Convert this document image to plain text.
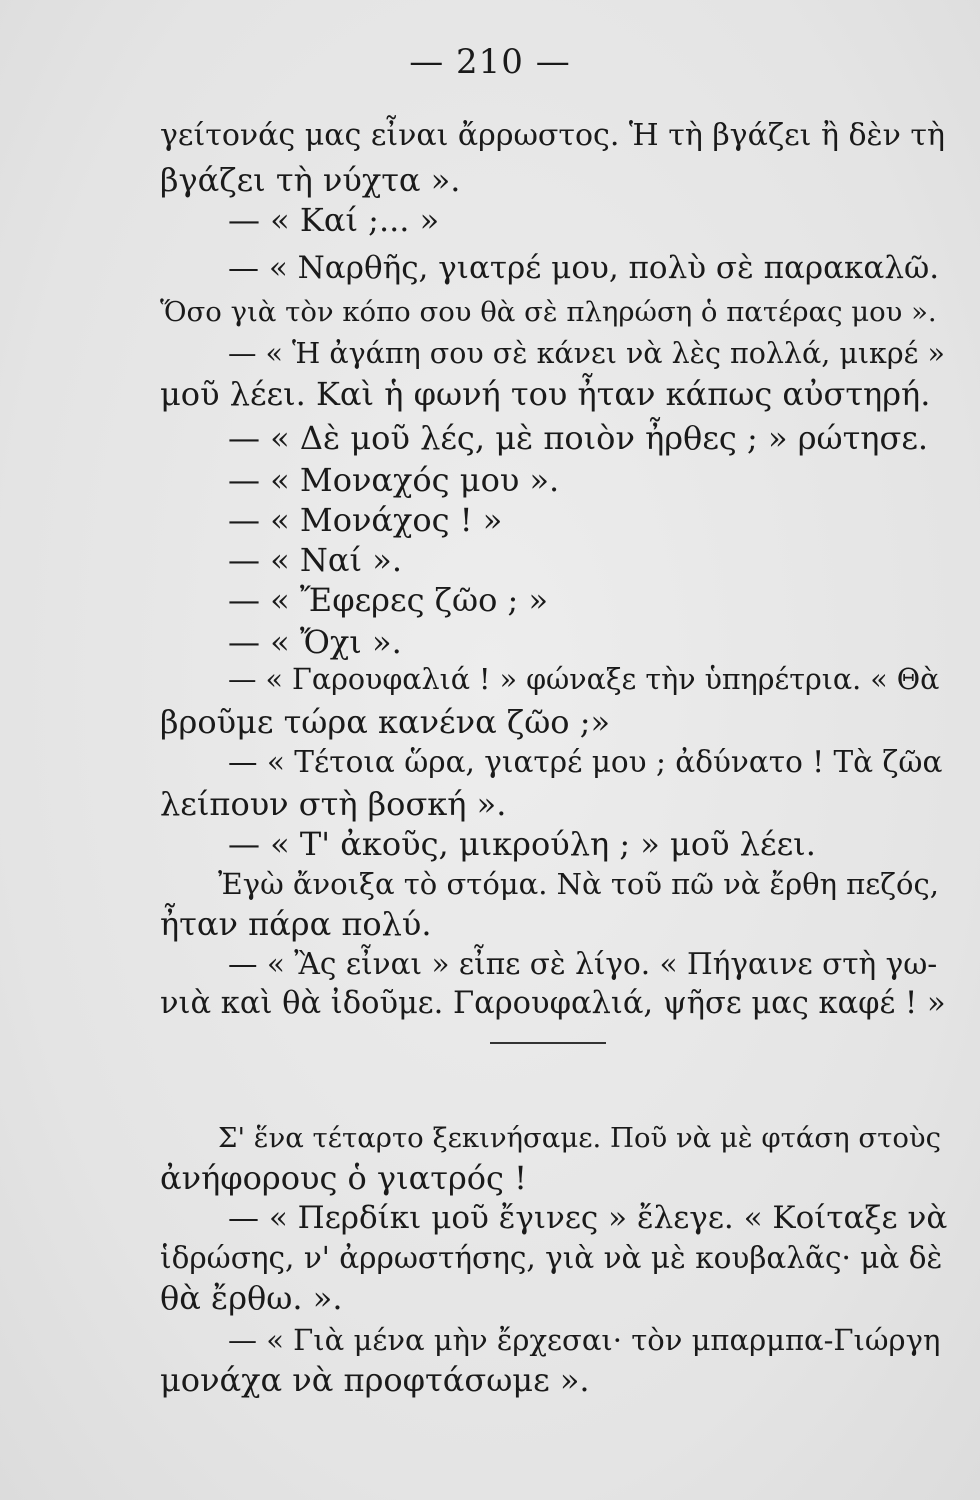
— 210 —
γείτονάς μας εἶναι ἄρρωστος. Ἡ τὴ βγάζει ἢ δὲν τὴ
βγάζει τὴ νύχτα ».
— « Καί ;... »
— « Ναρθῆς, γιατρέ μου, πολὺ σὲ παρακαλῶ.
Ὅσο γιὰ τὸν κόπο σου θὰ σὲ πληρώση ὁ πατέρας μου ».
— « Ἡ ἀγάπη σου σὲ κάνει νὰ λὲς πολλά, μικρέ »
μοῦ λέει. Καὶ ἡ φωνή του ἦταν κάπως αὐστηρή.
— « Δὲ μοῦ λές, μὲ ποιὸν ἦρθες ; » ρώτησε.
— « Μοναχός μου ».
— « Μονάχος ! »
— « Ναί ».
— « Ἔφερες ζῶο ; »
— « Ὄχι ».
— « Γαρουφαλιά ! » φώναξε τὴν ὑπηρέτρια. « Θὰ
βροῦμε τώρα κανένα ζῶο ;»
— « Τέτοια ὥρα, γιατρέ μου ; ἀδύνατο ! Τὰ ζῶα
λείπουν στὴ βοσκή ».
— « Τ' ἀκοῦς, μικρούλη ; » μοῦ λέει.
Ἐγὼ ἄνοιξα τὸ στόμα. Νὰ τοῦ πῶ νὰ ἔρθη πεζός,
ἦταν πάρα πολύ.
— « Ἂς εἶναι » εἶπε σὲ λίγο. « Πήγαινε στὴ γω-
νιὰ καὶ θὰ ἰδοῦμε. Γαρουφαλιά, ψῆσε μας καφέ ! »
Σ' ἕνα τέταρτο ξεκινήσαμε. Ποῦ νὰ μὲ φτάση στοὺς
ἀνήφορους ὁ γιατρός !
— « Περδίκι μοῦ ἔγινες » ἔλεγε. « Κοίταξε νὰ
ἱδρώσης, ν' ἀρρωστήσης, γιὰ νὰ μὲ κουβαλᾶς· μὰ δὲ
θὰ ἔρθω. ».
— « Γιὰ μένα μὴν ἔρχεσαι· τὸν μπαρμπα-Γιώργη
μονάχα νὰ προφτάσωμε ».
